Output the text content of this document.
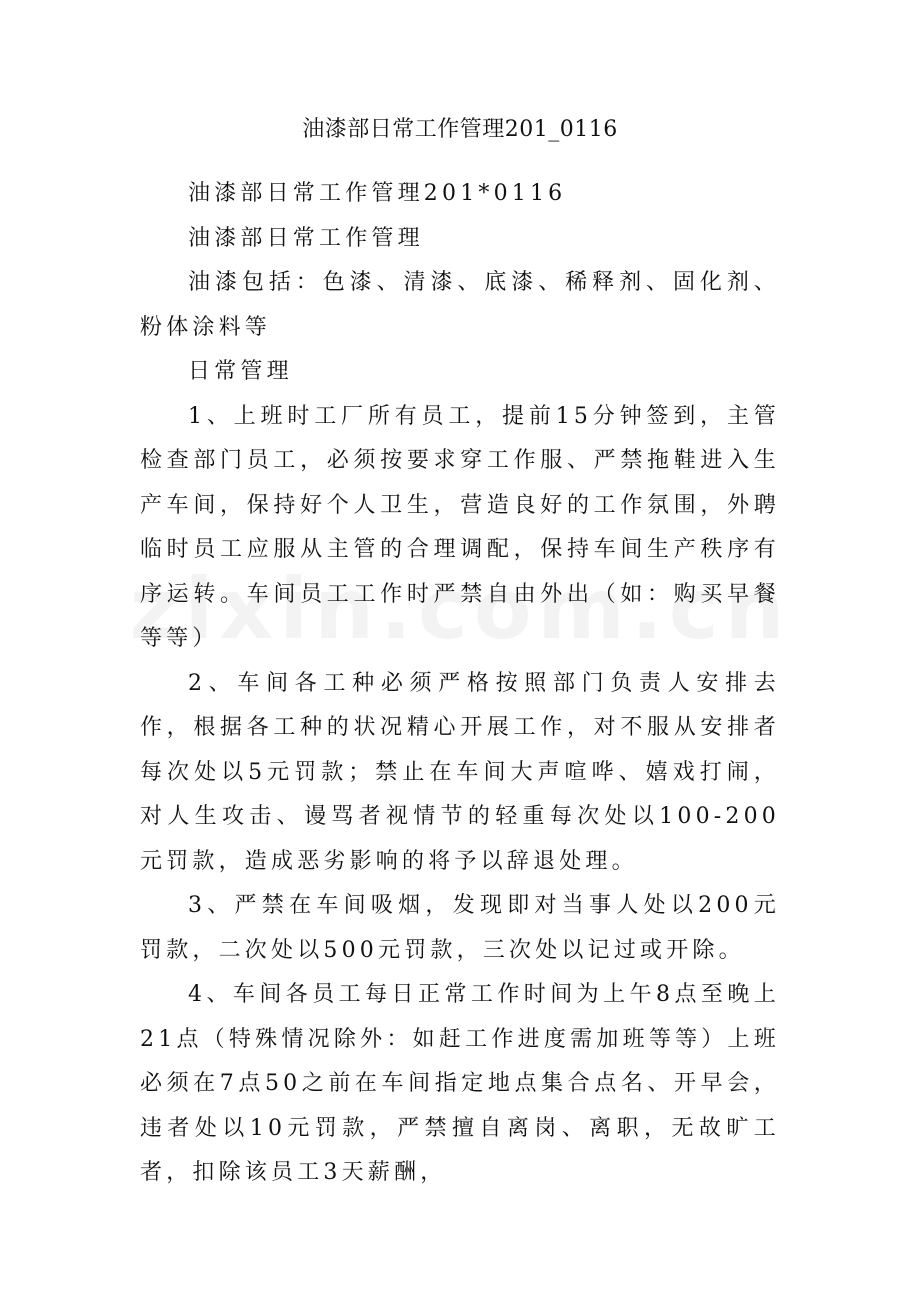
油漆部日常工作管理201_0116

油漆部日常工作管理201*0116

油漆部日常工作管理

油漆包括：色漆、清漆、底漆、稀释剂、固化剂、粉体涂料等

日常管理

1、上班时工厂所有员工，提前15分钟签到，主管检查部门员工，必须按要求穿工作服、严禁拖鞋进入生产车间，保持好个人卫生，营造良好的工作氛围，外聘临时员工应服从主管的合理调配，保持车间生产秩序有序运转。车间员工工作时严禁自由外出（如：购买早餐等等）

2、车间各工种必须严格按照部门负责人安排去作，根据各工种的状况精心开展工作，对不服从安排者每次处以5元罚款；禁止在车间大声喧哗、嬉戏打闹，对人生攻击、谩骂者视情节的轻重每次处以100-200元罚款，造成恶劣影响的将予以辞退处理。

3、严禁在车间吸烟，发现即对当事人处以200元罚款，二次处以500元罚款，三次处以记过或开除。

4、车间各员工每日正常工作时间为上午8点至晚上21点（特殊情况除外：如赶工作进度需加班等等）上班必须在7点50之前在车间指定地点集合点名、开早会，违者处以10元罚款，严禁擅自离岗、离职，无故旷工者，扣除该员工3天薪酬，
